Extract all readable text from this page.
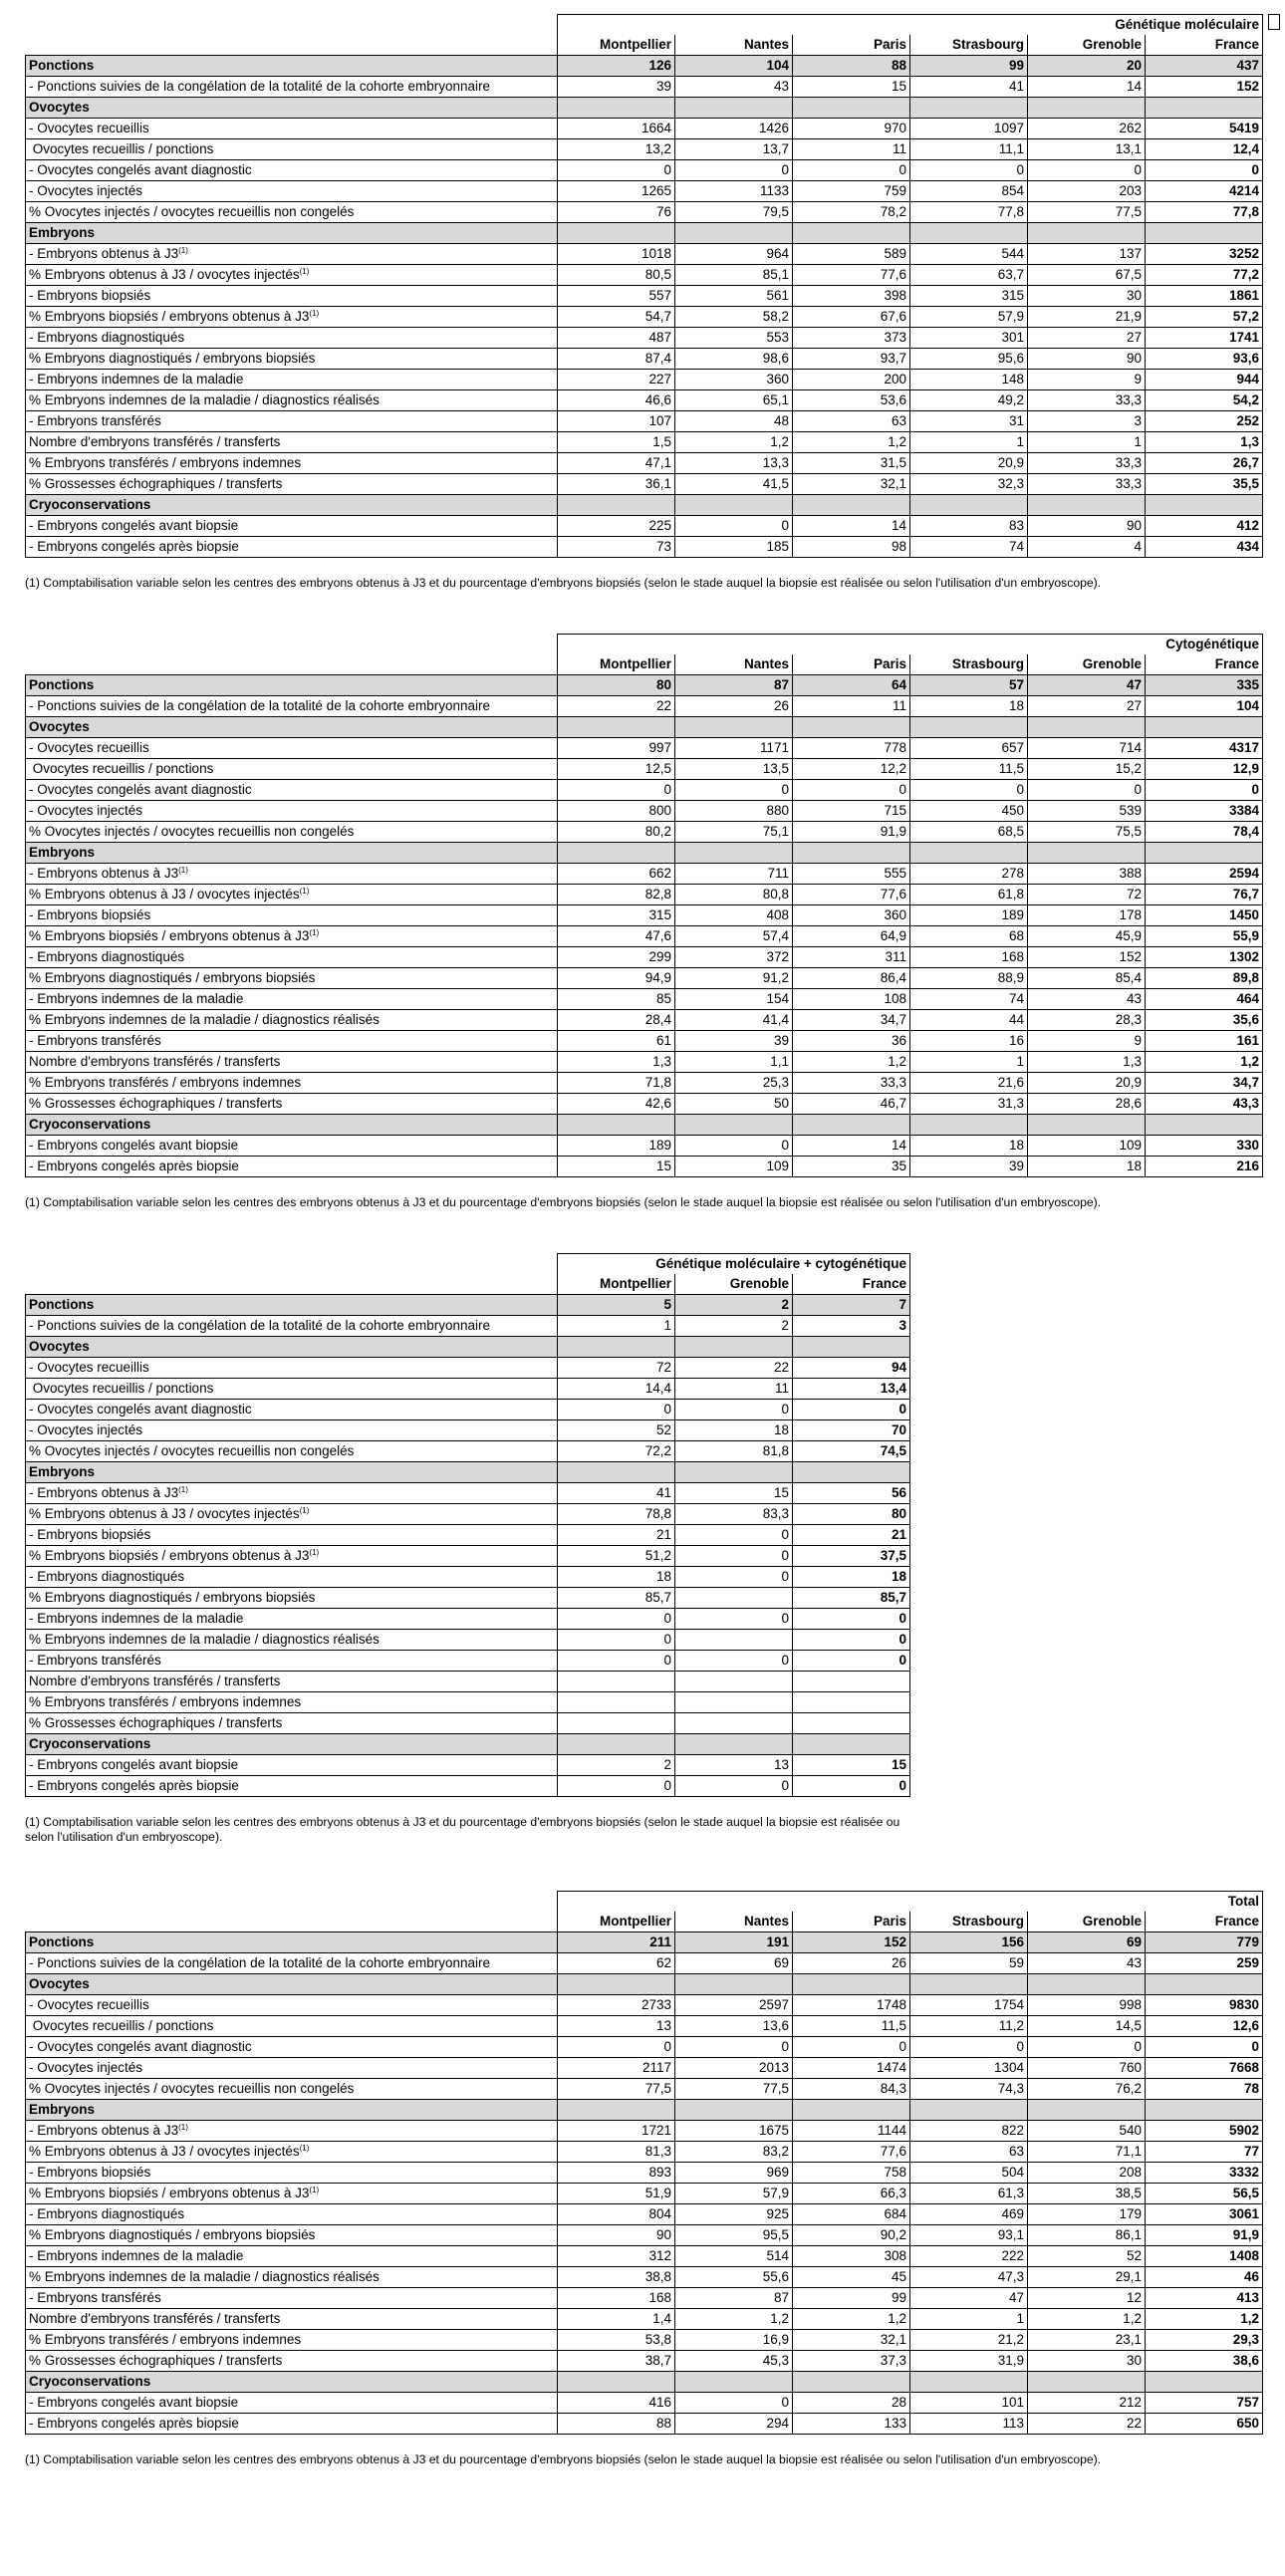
	Génétique moléculaire					
	Montpellier	Nantes	Paris	Strasbourg	Grenoble	France
Ponctions	126	104	88	99	20	437
- Ponctions suivies de la congélation de la totalité de la cohorte embryonnaire	39	43	15	41	14	152
Ovocytes						
- Ovocytes recueillis	1664	1426	970	1097	262	5419
Ovocytes recueillis / ponctions	13,2	13,7	11	11,1	13,1	12,4
- Ovocytes congelés avant diagnostic	0	0	0	0	0	0
- Ovocytes injectés	1265	1133	759	854	203	4214
% Ovocytes injectés / ovocytes recueillis non congelés	76	79,5	78,2	77,8	77,5	77,8
Embryons						
- Embryons obtenus à J3$^{(1)}$	1018	964	589	544	137	3252
% Embryons obtenus à J3 / ovocytes injectés$^{(1)}$	80,5	85,1	77,6	63,7	67,5	77,2
- Embryons biopsiés	557	561	398	315	30	1861
% Embryons biopsiés / embryons obtenus à J3$^{(1)}$	54,7	58,2	67,6	57,9	21,9	57,2
- Embryons diagnostiqués	487	553	373	301	27	1741
% Embryons diagnostiqués / embryons biopsiés	87,4	98,6	93,7	95,6	90	93,6
- Embryons indemnes de la maladie	227	360	200	148	9	944
% Embryons indemnes de la maladie / diagnostics réalisés	46,6	65,1	53,6	49,2	33,3	54,2
- Embryons transférés	107	48	63	31	3	252
Nombre d'embryons transférés / transferts	1,5	1,2	1,2	1	1	1,3
% Embryons transférés / embryons indemnes	47,1	13,3	31,5	20,9	33,3	26,7
% Grossesses échographiques / transferts	36,1	41,5	32,1	32,3	33,3	35,5
Cryoconservations						
- Embryons congelés avant biopsie	225	0	14	83	90	412
- Embryons congelés après biopsie	73	185	98	74	4	434
(1) Comptabilisation variable selon les centres des embryons obtenus à J3 et du pourcentage d'embryons biopsiés (selon le stade auquel la biopsie est réalisée ou selon l'utilisation d'un embryoscope).
	Cytogénétique					
	Montpellier	Nantes	Paris	Strasbourg	Grenoble	France
Ponctions	80	87	64	57	47	335
- Ponctions suivies de la congélation de la totalité de la cohorte embryonnaire	22	26	11	18	27	104
Ovocytes						
- Ovocytes recueillis	997	1171	778	657	714	4317
Ovocytes recueillis / ponctions	12,5	13,5	12,2	11,5	15,2	12,9
- Ovocytes congelés avant diagnostic	0	0	0	0	0	0
- Ovocytes injectés	800	880	715	450	539	3384
% Ovocytes injectés / ovocytes recueillis non congelés	80,2	75,1	91,9	68,5	75,5	78,4
Embryons						
- Embryons obtenus à J3$^{(1)}$	662	711	555	278	388	2594
% Embryons obtenus à J3 / ovocytes injectés$^{(1)}$	82,8	80,8	77,6	61,8	72	76,7
- Embryons biopsiés	315	408	360	189	178	1450
% Embryons biopsiés / embryons obtenus à J3$^{(1)}$	47,6	57,4	64,9	68	45,9	55,9
- Embryons diagnostiqués	299	372	311	168	152	1302
% Embryons diagnostiqués / embryons biopsiés	94,9	91,2	86,4	88,9	85,4	89,8
- Embryons indemnes de la maladie	85	154	108	74	43	464
% Embryons indemnes de la maladie / diagnostics réalisés	28,4	41,4	34,7	44	28,3	35,6
- Embryons transférés	61	39	36	16	9	161
Nombre d'embryons transférés / transferts	1,3	1,1	1,2	1	1,3	1,2
% Embryons transférés / embryons indemnes	71,8	25,3	33,3	21,6	20,9	34,7
% Grossesses échographiques / transferts	42,6	50	46,7	31,3	28,6	43,3
Cryoconservations						
- Embryons congelés avant biopsie	189	0	14	18	109	330
- Embryons congelés après biopsie	15	109	35	39	18	216
(1) Comptabilisation variable selon les centres des embryons obtenus à J3 et du pourcentage d'embryons biopsiés (selon le stade auquel la biopsie est réalisée ou selon l'utilisation d'un embryoscope).
	Génétique moléculaire + cytogénétique		
	Montpellier	Grenoble	France
Ponctions	5	2	7
- Ponctions suivies de la congélation de la totalité de la cohorte embryonnaire	1	2	3
Ovocytes			
- Ovocytes recueillis	72	22	94
Ovocytes recueillis / ponctions	14,4	11	13,4
- Ovocytes congelés avant diagnostic	0	0	0
- Ovocytes injectés	52	18	70
% Ovocytes injectés / ovocytes recueillis non congelés	72,2	81,8	74,5
Embryons			
- Embryons obtenus à J3$^{(1)}$	41	15	56
% Embryons obtenus à J3 / ovocytes injectés$^{(1)}$	78,8	83,3	80
- Embryons biopsiés	21	0	21
% Embryons biopsiés / embryons obtenus à J3$^{(1)}$	51,2	0	37,5
- Embryons diagnostiqués	18	0	18
% Embryons diagnostiqués / embryons biopsiés	85,7		85,7
- Embryons indemnes de la maladie	0	0	0
% Embryons indemnes de la maladie / diagnostics réalisés	0		0
- Embryons transférés	0	0	0
Nombre d'embryons transférés / transferts			
% Embryons transférés / embryons indemnes			
% Grossesses échographiques / transferts			
Cryoconservations			
- Embryons congelés avant biopsie	2	13	15
- Embryons congelés après biopsie	0	0	0
(1) Comptabilisation variable selon les centres des embryons obtenus à J3 et du pourcentage d'embryons biopsiés (selon le stade auquel la biopsie est réalisée ou selon l'utilisation d'un embryoscope).
	Total					
	Montpellier	Nantes	Paris	Strasbourg	Grenoble	France
Ponctions	211	191	152	156	69	779
- Ponctions suivies de la congélation de la totalité de la cohorte embryonnaire	62	69	26	59	43	259
Ovocytes						
- Ovocytes recueillis	2733	2597	1748	1754	998	9830
Ovocytes recueillis / ponctions	13	13,6	11,5	11,2	14,5	12,6
- Ovocytes congelés avant diagnostic	0	0	0	0	0	0
- Ovocytes injectés	2117	2013	1474	1304	760	7668
% Ovocytes injectés / ovocytes recueillis non congelés	77,5	77,5	84,3	74,3	76,2	78
Embryons						
- Embryons obtenus à J3$^{(1)}$	1721	1675	1144	822	540	5902
% Embryons obtenus à J3 / ovocytes injectés$^{(1)}$	81,3	83,2	77,6	63	71,1	77
- Embryons biopsiés	893	969	758	504	208	3332
% Embryons biopsiés / embryons obtenus à J3$^{(1)}$	51,9	57,9	66,3	61,3	38,5	56,5
- Embryons diagnostiqués	804	925	684	469	179	3061
% Embryons diagnostiqués / embryons biopsiés	90	95,5	90,2	93,1	86,1	91,9
- Embryons indemnes de la maladie	312	514	308	222	52	1408
% Embryons indemnes de la maladie / diagnostics réalisés	38,8	55,6	45	47,3	29,1	46
- Embryons transférés	168	87	99	47	12	413
Nombre d'embryons transférés / transferts	1,4	1,2	1,2	1	1,2	1,2
% Embryons transférés / embryons indemnes	53,8	16,9	32,1	21,2	23,1	29,3
% Grossesses échographiques / transferts	38,7	45,3	37,3	31,9	30	38,6
Cryoconservations						
- Embryons congelés avant biopsie	416	0	28	101	212	757
- Embryons congelés après biopsie	88	294	133	113	22	650
(1) Comptabilisation variable selon les centres des embryons obtenus à J3 et du pourcentage d'embryons biopsiés (selon le stade auquel la biopsie est réalisée ou selon l'utilisation d'un embryoscope).
